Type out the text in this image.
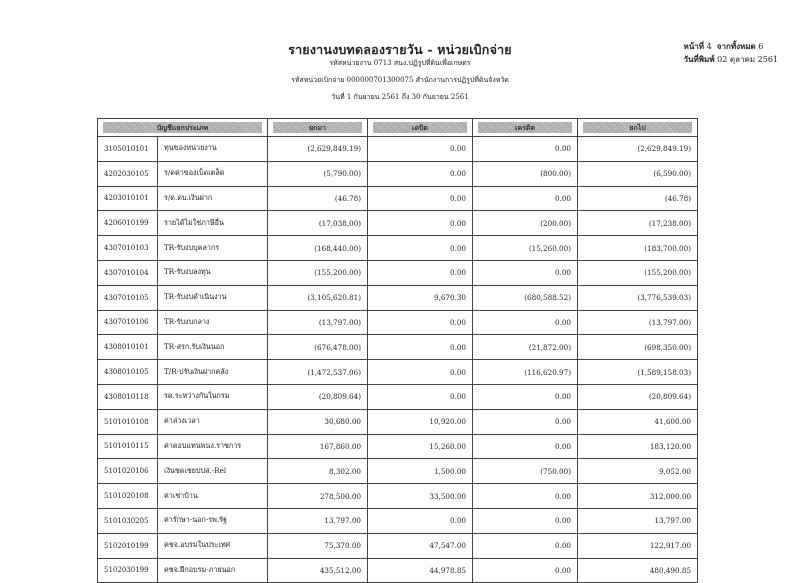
รายงานงบทดลองรายวัน - หน่วยเบิกจ่าย
รหัสหน่วยงาน 0713 สนง.ปฏิรูปที่ดินเพื่อเกษตร
รหัสหน่วยเบิกจ่าย 000000701300075 สำนักงานการปฏิรูปที่ดินจังหวัด
วันที่ 1 กันยายน 2561 ถึง 30 กันยายน 2561
หน้าที่ 4 จากทั้งหมด 6
วันที่พิมพ์ 02 ตุลาคม 2561
บัญชีแยกประเภท		ยกมา	เดบิต	เครดิต	ยกไป

3105010101	ทุนของหน่วยงาน	(2,629,849.19)	0.00	0.00	(2,629,849.19)
4202030105	ร/ดค่าของเบ็ดเตล็ด	(5,790.00)	0.00	(800.00)	(6,590.00)
4203010101	ร/ด.ดบ.เงินฝาก	(46.78)	0.00	0.00	(46.78)
4206010199	รายได้ไม่ใช่ภาษีอื่น	(17,038.00)	0.00	(200.00)	(17,238.00)
4307010103	TR-รับงบบุคลากร	(168,440.00)	0.00	(15,260.00)	(183,700.00)
4307010104	TR-รับงบลงทุน	(155,200.00)	0.00	0.00	(155,200.00)
4307010105	TR-รับงบดำเนินงาน	(3,105,620.81)	9,670.30	(680,588.52)	(3,776,539.03)
4307010106	TR-รับงบกลาง	(13,797.00)	0.00	0.00	(13,797.00)
4308010101	TR-สรก.รับเงินนอก	(676,478.00)	0.00	(21,872.00)	(698,350.00)
4308010105	T/R-ปรับเงินฝากคลัง	(1,472,537.06)	0.00	(116,620.97)	(1,589,158.03)
4308010118	รด.ระหว่างกันในกรม	(20,809.64)	0.00	0.00	(20,809.64)
5101010108	ค่าล่วงเวลา	30,680.00	10,920.00	0.00	41,600.00
5101010115	ค่าตอบแทนพนง.ราชการ	167,860.00	15,260.00	0.00	183,120.00
5101020106	เงินชดเชยปปส.-Rel	8,302.00	1,500.00	(750.00)	9,052.00
5101020108	ค่าเช่าบ้าน	278,500.00	33,500.00	0.00	312,000.00
5101030205	ค่ารักษา-นอก-รพ.รัฐ	13,797.00	0.00	0.00	13,797.00
5102010199	คชจ.อบรมในประเทศ	75,370.00	47,547.00	0.00	122,917.00
5102030199	คชจ.ฝึกอบรม-ภายนอก	435,512.00	44,978.85	0.00	480,490.85
